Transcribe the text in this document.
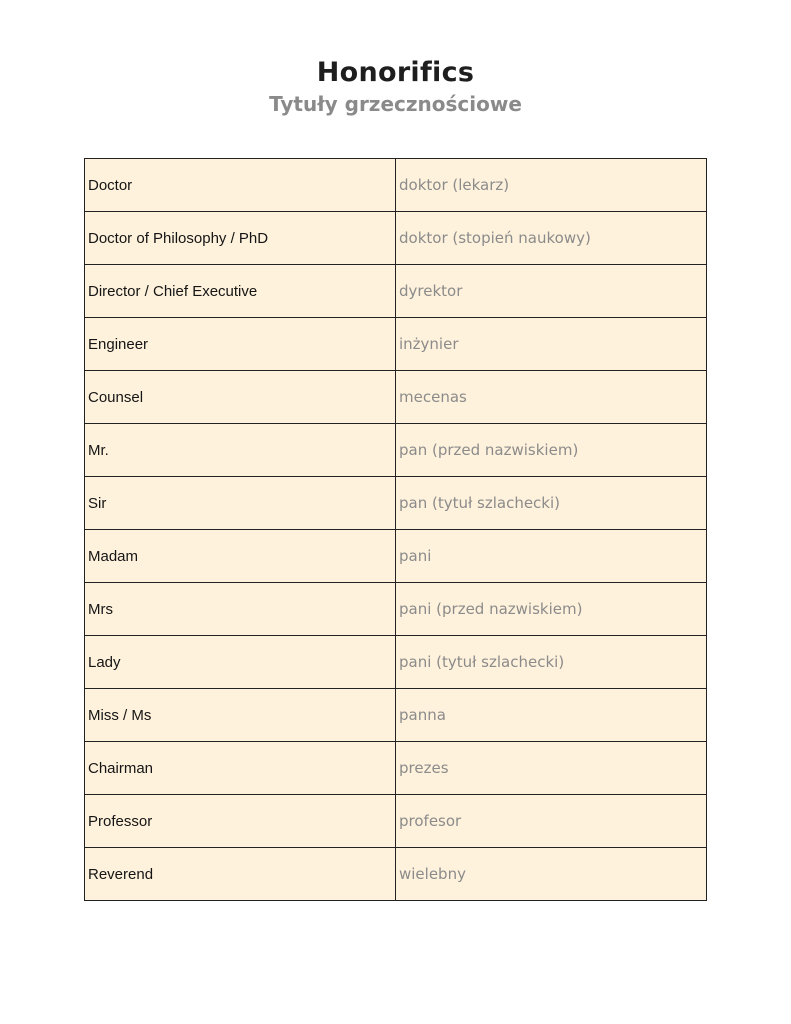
Honorifics
Tytuły grzecznościowe
Doctor	doktor (lekarz)
Doctor of Philosophy / PhD	doktor (stopień naukowy)
Director / Chief Executive	dyrektor
Engineer	inżynier
Counsel	mecenas
Mr.	pan (przed nazwiskiem)
Sir	pan (tytuł szlachecki)
Madam	pani
Mrs	pani (przed nazwiskiem)
Lady	pani (tytuł szlachecki)
Miss / Ms	panna
Chairman	prezes
Professor	profesor
Reverend	wielebny
